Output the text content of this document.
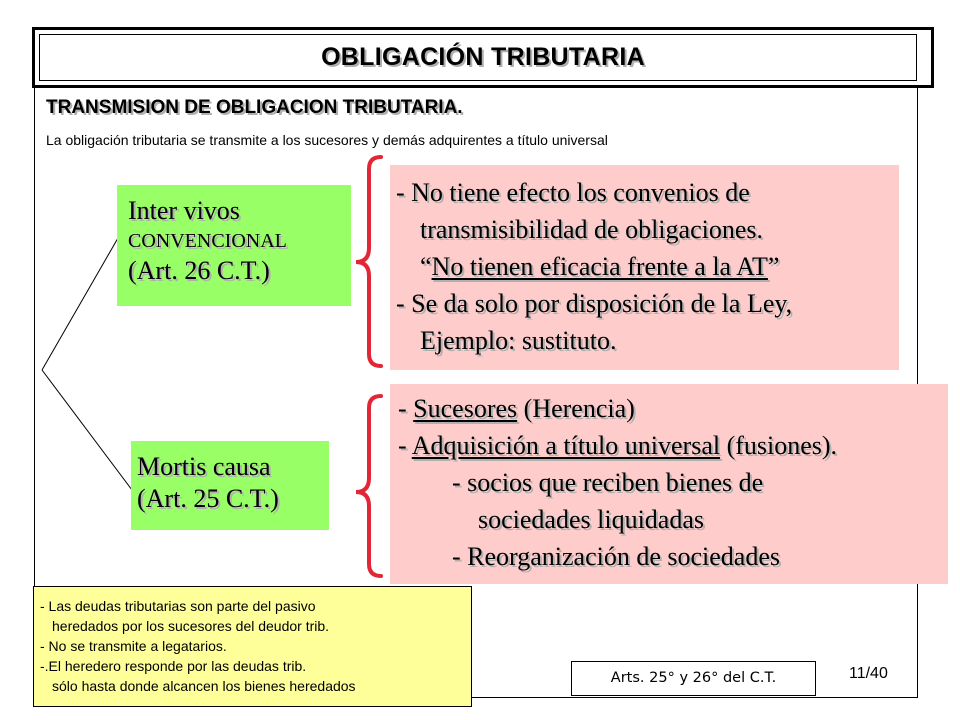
OBLIGACIÓN TRIBUTARIA
TRANSMISION DE OBLIGACION TRIBUTARIA.
La obligación tributaria se transmite a los sucesores y demás adquirentes a título universal
Inter vivos
CONVENCIONAL
(Art. 26 C.T.)
Mortis causa
(Art. 25 C.T.)
- No tiene efecto los convenios de
transmisibilidad de obligaciones.
“No tienen eficacia frente a la AT”
- Se da solo por disposición de la Ley,
Ejemplo: sustituto.
- Sucesores (Herencia)
- Adquisición a título universal (fusiones).
- socios que reciben bienes de
sociedades liquidadas
- Reorganización de sociedades
- Las deudas tributarias son parte del pasivo
heredados por los sucesores del deudor trib.
- No se transmite a legatarios.
-.El heredero responde por las deudas trib.
sólo hasta donde alcancen los bienes heredados	Arts. 25° y 26° del C.T.	11/40
